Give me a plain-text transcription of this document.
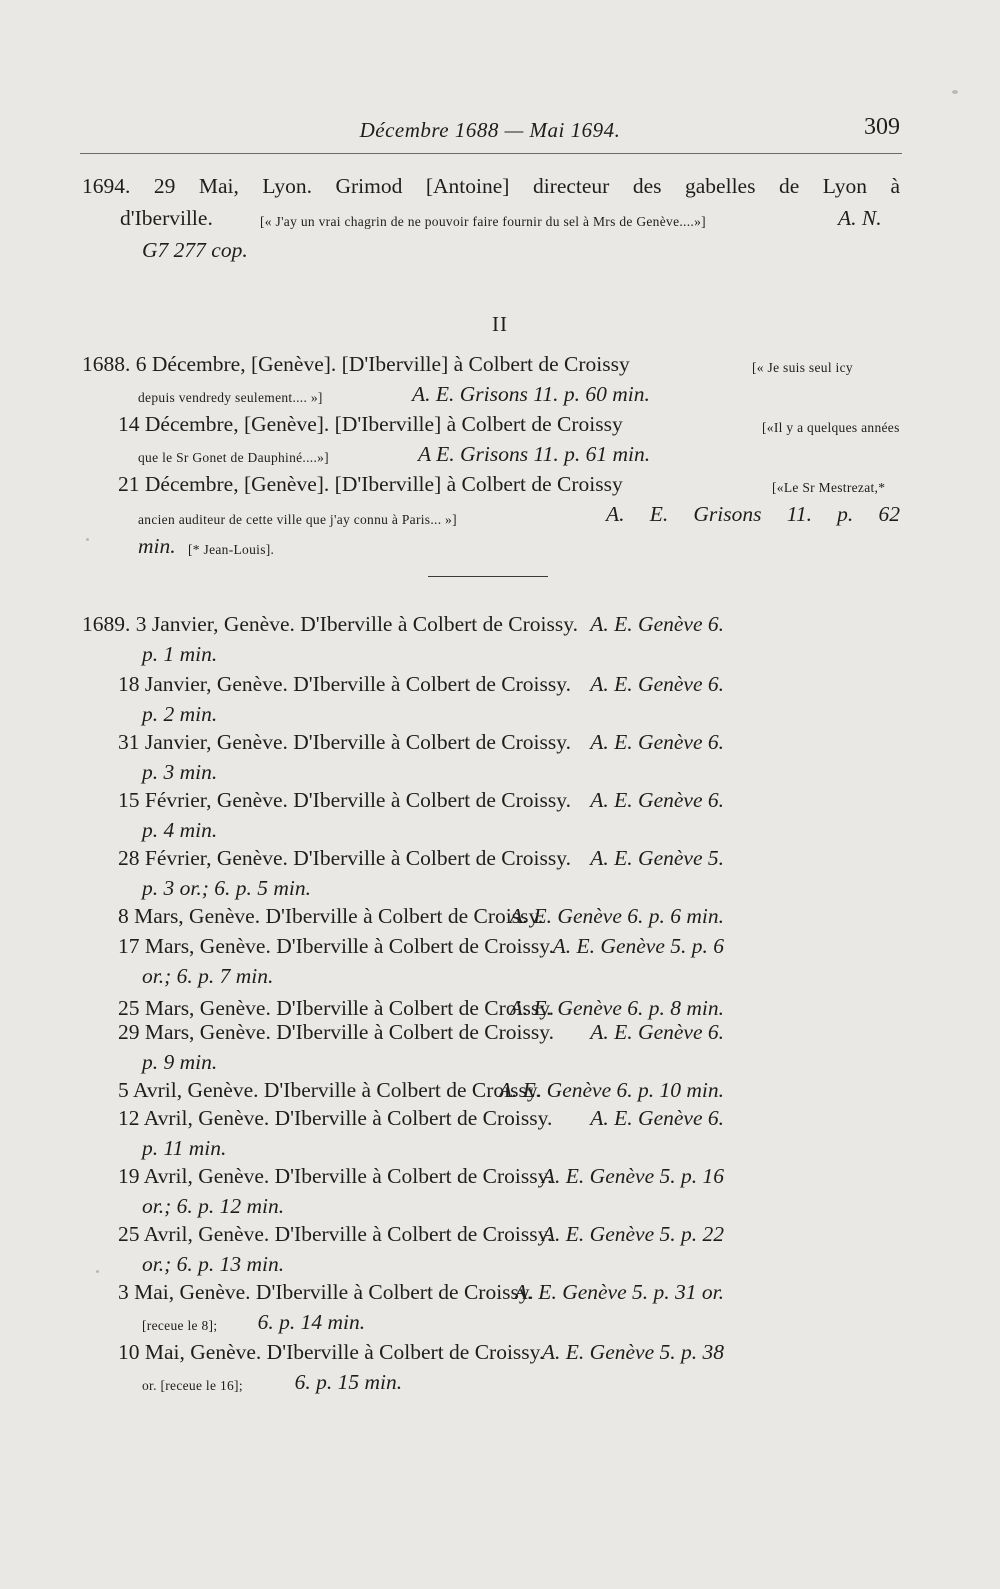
Décembre 1688 — Mai 1694.	309
1694. 29 Mai, Lyon. Grimod [Antoine] directeur des gabelles de Lyon à
d'Iberville.	[« J'ay un vrai chagrin de ne pouvoir faire fournir du sel à Mrs de Genève....»]	A. N.
G7 277 cop.
II
1688. 6 Décembre, [Genève]. [D'Iberville] à Colbert de Croissy	[« Je suis seul icy
depuis vendredy seulement.... »]	A. E. Grisons 11. p. 60 min.
14 Décembre, [Genève]. [D'Iberville] à Colbert de Croissy	[«Il y a quelques années
que le Sr Gonet de Dauphiné....»]	A E. Grisons 11. p. 61 min.
21 Décembre, [Genève]. [D'Iberville] à Colbert de Croissy	[«Le Sr Mestrezat,*
ancien auditeur de cette ville que j'ay connu à Paris... »]	A. E. Grisons 11. p. 62
min. [* Jean-Louis].
1689. 3 Janvier, Genève. D'Iberville à Colbert de Croissy. A. E. Genève 6.
p. 1 min.
18 Janvier, Genève. D'Iberville à Colbert de Croissy. A. E. Genève 6.
p. 2 min.
31 Janvier, Genève. D'Iberville à Colbert de Croissy. A. E. Genève 6.
p. 3 min.
15 Février, Genève. D'Iberville à Colbert de Croissy. A. E. Genève 6.
p. 4 min.
28 Février, Genève. D'Iberville à Colbert de Croissy. A. E. Genève 5.
p. 3 or.; 6. p. 5 min.
8 Mars, Genève. D'Iberville à Colbert de Croissy.
A. E. Genève 6. p. 6 min.
17 Mars, Genève. D'Iberville à Colbert de Croissy.
A. E. Genève 5. p. 6
or.; 6. p. 7 min.
25 Mars, Genève. D'Iberville à Colbert de Croissy.
A. E. Genève 6. p. 8 min.
29 Mars, Genève. D'Iberville à Colbert de Croissy. A. E. Genève 6.
p. 9 min.
5 Avril, Genève. D'Iberville à Colbert de Croissy.
A. E. Genève 6. p. 10 min.
12 Avril, Genève. D'Iberville à Colbert de Croissy. A. E. Genève 6.
p. 11 min.
19 Avril, Genève. D'Iberville à Colbert de Croissy.
A. E. Genève 5. p. 16
or.; 6. p. 12 min.
25 Avril, Genève. D'Iberville à Colbert de Croissy.
A. E. Genève 5. p. 22
or.; 6. p. 13 min.
3 Mai, Genève. D'Iberville à Colbert de Croissy.
A. E. Genève 5. p. 31 or.
[receue le 8]; 6. p. 14 min.
10 Mai, Genève. D'Iberville à Colbert de Croissy.
A. E. Genève 5. p. 38
or. [receue le 16]; 6. p. 15 min.
